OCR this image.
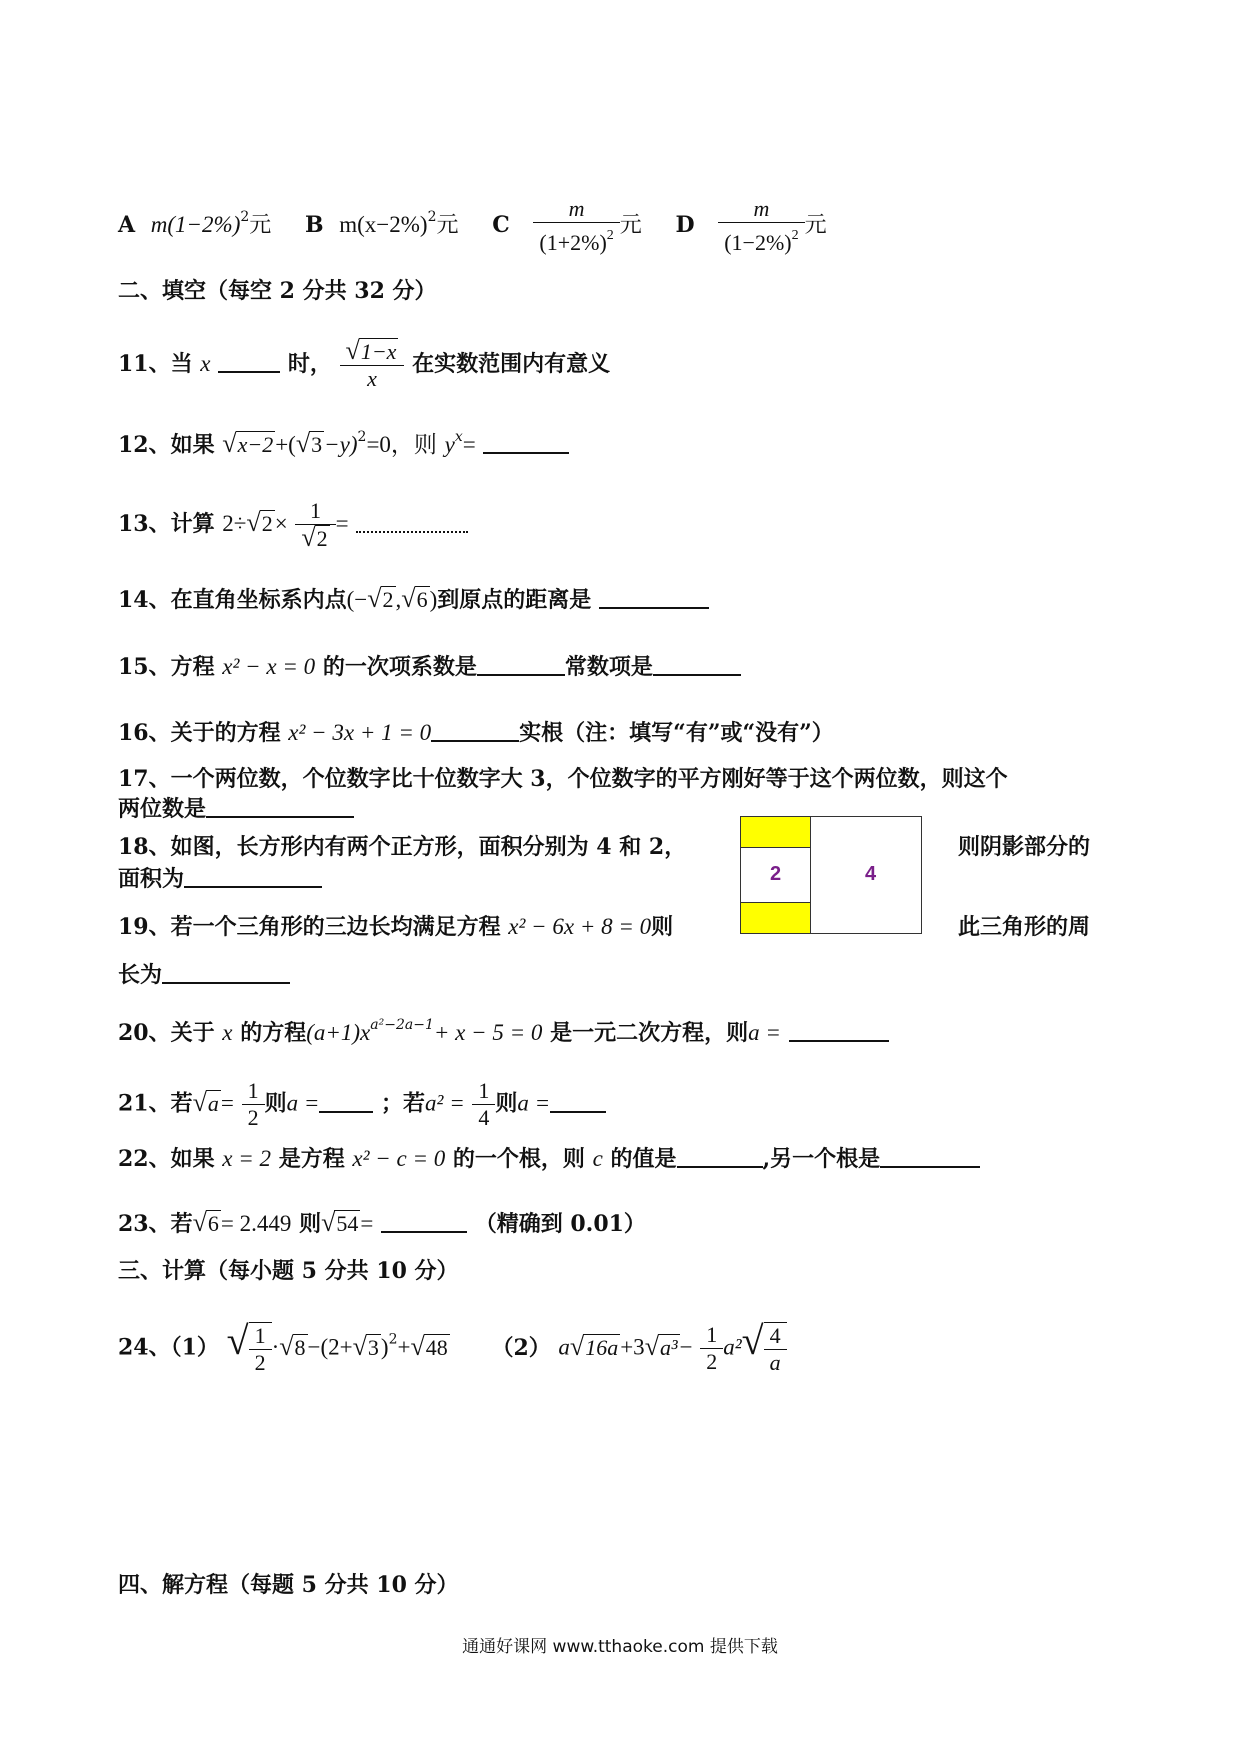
A $m(1-2\%)^2$元 B $m(x-2\%)^2$元 C $\frac{m}{(1+2\%)^2}$ 元 D $\frac{m}{(1-2\%)^2}$ 元
二、填空（每空 2 分共 32 分）
11、当 x	时， $\frac{√1-x}{x}$ 在实数范围内有意义
12、如果 $√x-2+(√3-y)^2=0$，则 $y^x=$
13、计算 $2\div√2\times \frac{1}{√2}$ =
14、在直角坐标系内点(−√2,√6)到原点的距离是
15、方程 x² − x = 0 的一次项系数是	常数项是
16、关于的方程 x² − 3x + 1 = 0	实根（注：填写“有”或“没有”）
17、一个两位数，个位数字比十位数字大 3，个位数字的平方刚好等于这个两位数，则这个
两位数是
18、如图，长方形内有两个正方形，面积分别为 4 和 2，	则阴影部分的
面积为	2	4
19、若一个三角形的三边长均满足方程 x² − 6x + 8 = 0则	此三角形的周
长为
20、关于 x 的方程$(a+1)x^{a^2-2a-1}+ x - 5 = 0$ 是一元二次方程，则a =
21、若$√a= \frac{1}{2}$ 则a =	；若$a^2 = \frac{1}{4}$ 则a =
22、如果 x = 2 是方程 x² − c = 0 的一个根，则 c 的值是	,另一个根是
23、若√6= 2.449 则√54=	（精确到 0.01）
三、计算（每小题 5 分共 10 分）
24、（1） √ $\frac{1}{2} \cdot√8-(2+√3)^2+√48$ （2） $a√16a+3√a^3- \frac{1}{2} a^2√ \frac{4}{a}$
四、解方程（每题 5 分共 10 分）
通通好课网 www.tthaoke.com 提供下载
